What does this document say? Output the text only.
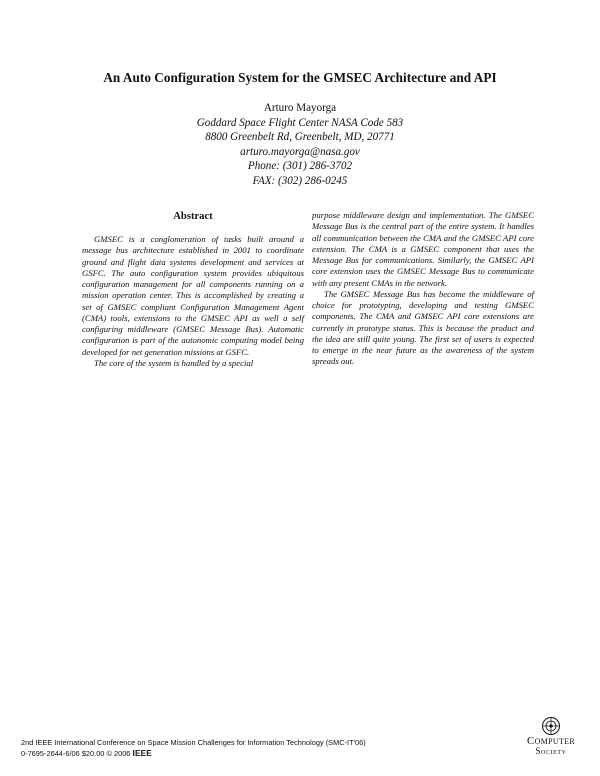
An Auto Configuration System for the GMSEC Architecture and API
Arturo Mayorga
Goddard Space Flight Center NASA Code 583
8800 Greenbelt Rd, Greenbelt, MD, 20771
arturo.mayorga@nasa.gov
Phone: (301) 286-3702
FAX: (302) 286-0245
Abstract

GMSEC is a conglomeration of tasks built around a message bus architecture established in 2001 to coordinate ground and flight data systems development and services at GSFC. The auto configuration system provides ubiquitous configuration management for all components running on a mission operation center. This is accomplished by creating a set of GMSEC compliant Configuration Management Agent (CMA) tools, extensions to the GMSEC API as well a self configuring middleware (GMSEC Message Bus). Automatic configuration is part of the autonomic computing model being developed for net generation missions at GSFC.

The core of the system is handled by a special

purpose middleware design and implementation. The GMSEC Message Bus is the central part of the entire system. It handles all communication between the CMA and the GMSEC API core extension. The CMA is a GMSEC component that uses the Message Bus for communications. Similarly, the GMSEC API core extension uses the GMSEC Message Bus to communicate with any present CMAs in the network.

The GMSEC Message Bus has become the middleware of choice for prototyping, developing and testing GMSEC components. The CMA and GMSEC API core extensions are currently in prototype status. This is because the product and the idea are still quite young. The first set of users is expected to emerge in the near future as the awareness of the system spreads out.

2nd IEEE International Conference on Space Mission Challenges for Information Technology (SMC-IT'06)
0-7695-2644-6/06 $20.00 © 2006 IEEE
Computer
Society
